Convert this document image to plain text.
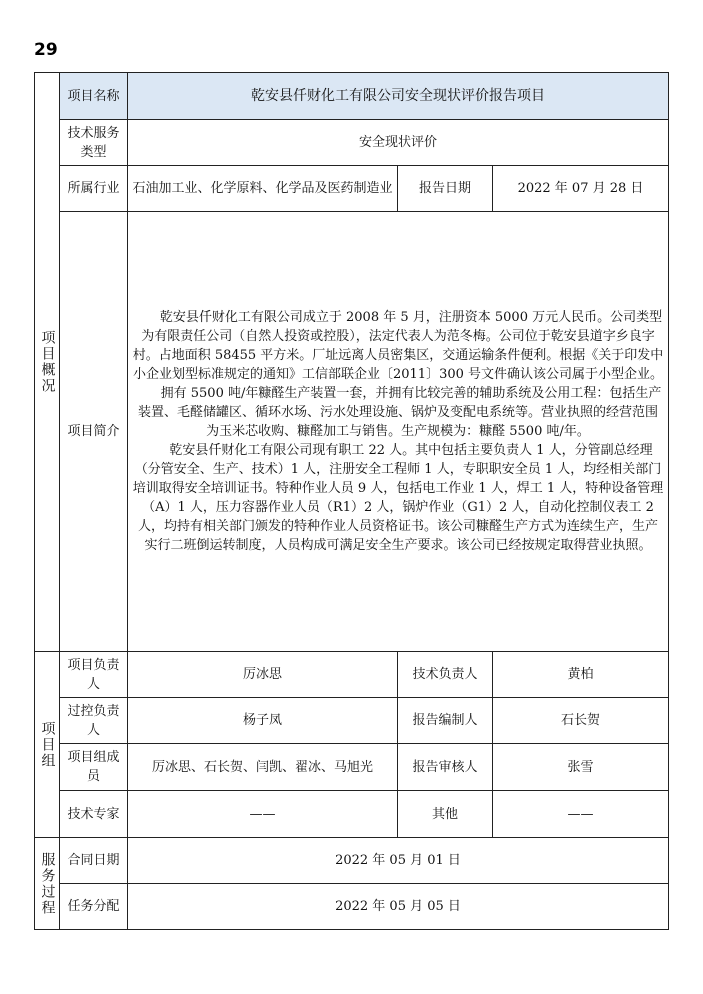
29
项目概况	项目名称	乾安县仟财化工有限公司安全现状评价报告项目		
	技术服务类型	安全现状评价		
	所属行业	石油加工业、化学原料、化学品及医药制造业	报告日期	2022 年 07 月 28 日
	项目简介	乾安县仟财化工有限公司成立于 2008 年 5 月，注册资本 5000 万元人民币。公司类型为有限责任公司（自然人投资或控股），法定代表人为范冬梅。公司位于乾安县道字乡良字村。占地面积 58455 平方米。厂址远离人员密集区，交通运输条件便利。根据《关于印发中小企业划型标准规定的通知》工信部联企业〔2011〕300 号文件确认该公司属于小型企业。

拥有 5500 吨/年糠醛生产装置一套，并拥有比较完善的辅助系统及公用工程：包括生产装置、毛醛储罐区、循环水场、污水处理设施、锅炉及变配电系统等。营业执照的经营范围为玉米芯收购、糠醛加工与销售。生产规模为：糠醛 5500 吨/年。

乾安县仟财化工有限公司现有职工 22 人。其中包括主要负责人 1 人，分管副总经理（分管安全、生产、技术）1 人，注册安全工程师 1 人，专职职安全员 1 人，均经相关部门培训取得安全培训证书。特种作业人员 9 人，包括电工作业 1 人，焊工 1 人，特种设备管理（A）1 人，压力容器作业人员（R1）2 人，锅炉作业（G1）2 人，自动化控制仪表工 2 人，均持有相关部门颁发的特种作业人员资格证书。该公司糠醛生产方式为连续生产，生产实行二班倒运转制度，人员构成可满足安全生产要求。该公司已经按规定取得营业执照。		

项目组	项目负责人	厉冰思	技术负责人	黄柏
	过控负责人	杨子凤	报告编制人	石长贺
	项目组成员	厉冰思、石长贺、闫凯、翟冰、马旭光	报告审核人	张雪
	技术专家	——	其他	——
服务过程	合同日期	2022 年 05 月 01 日		
	任务分配	2022 年 05 月 05 日		
